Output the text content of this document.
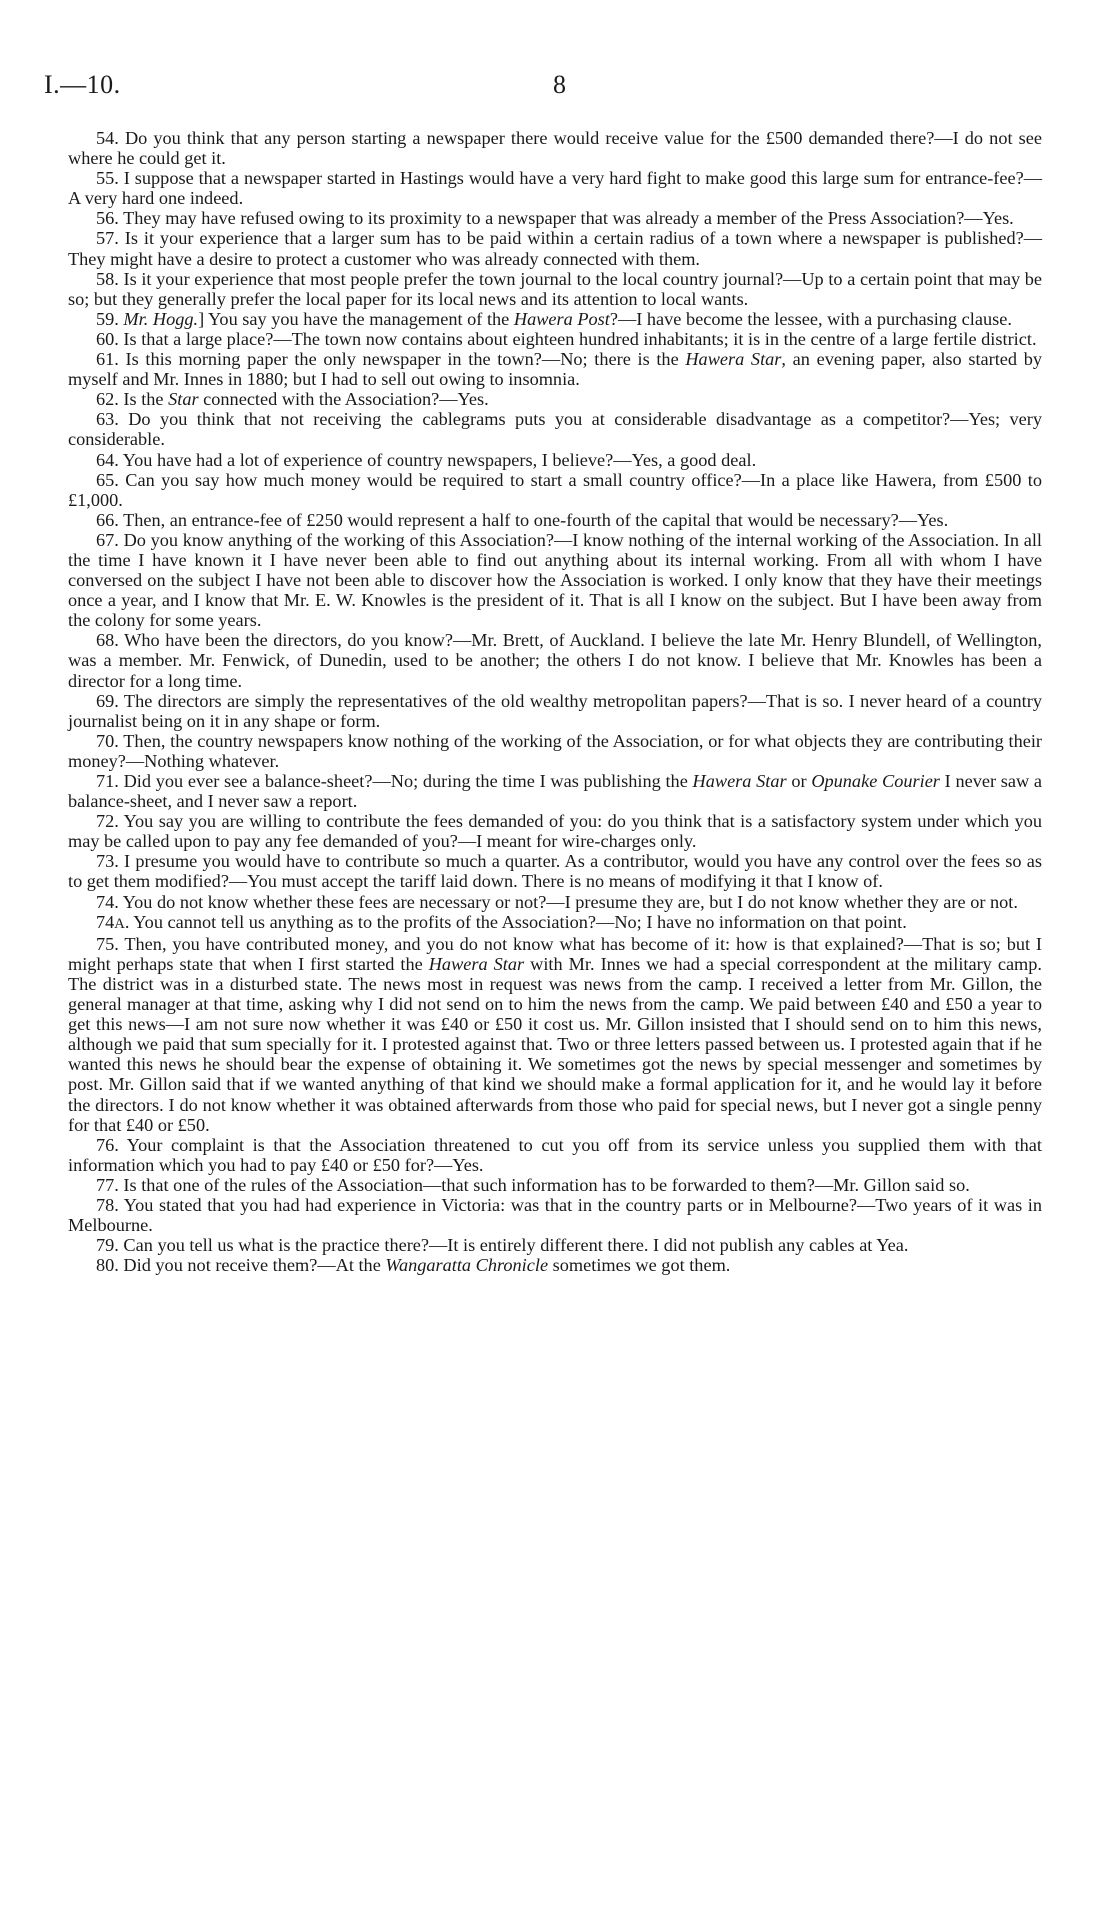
I.—10.	8

54. Do you think that any person starting a newspaper there would receive value for the £500 demanded there?—I do not see where he could get it.

55. I suppose that a newspaper started in Hastings would have a very hard fight to make good this large sum for entrance-fee?—A very hard one indeed.

56. They may have refused owing to its proximity to a newspaper that was already a member of the Press Association?—Yes.

57. Is it your experience that a larger sum has to be paid within a certain radius of a town where a newspaper is published?—They might have a desire to protect a customer who was already connected with them.

58. Is it your experience that most people prefer the town journal to the local country journal?—Up to a certain point that may be so; but they generally prefer the local paper for its local news and its attention to local wants.

59. Mr. Hogg.] You say you have the management of the Hawera Post?—I have become the lessee, with a purchasing clause.

60. Is that a large place?—The town now contains about eighteen hundred inhabitants; it is in the centre of a large fertile district.

61. Is this morning paper the only newspaper in the town?—No; there is the Hawera Star, an evening paper, also started by myself and Mr. Innes in 1880; but I had to sell out owing to insomnia.

62. Is the Star connected with the Association?—Yes.

63. Do you think that not receiving the cablegrams puts you at considerable disadvantage as a competitor?—Yes; very considerable.

64. You have had a lot of experience of country newspapers, I believe?—Yes, a good deal.

65. Can you say how much money would be required to start a small country office?—In a place like Hawera, from £500 to £1,000.

66. Then, an entrance-fee of £250 would represent a half to one-fourth of the capital that would be necessary?—Yes.

67. Do you know anything of the working of this Association?—I know nothing of the internal working of the Association. In all the time I have known it I have never been able to find out anything about its internal working. From all with whom I have conversed on the subject I have not been able to discover how the Association is worked. I only know that they have their meetings once a year, and I know that Mr. E. W. Knowles is the president of it. That is all I know on the subject. But I have been away from the colony for some years.

68. Who have been the directors, do you know?—Mr. Brett, of Auckland. I believe the late Mr. Henry Blundell, of Wellington, was a member. Mr. Fenwick, of Dunedin, used to be another; the others I do not know. I believe that Mr. Knowles has been a director for a long time.

69. The directors are simply the representatives of the old wealthy metropolitan papers?—That is so. I never heard of a country journalist being on it in any shape or form.

70. Then, the country newspapers know nothing of the working of the Association, or for what objects they are contributing their money?—Nothing whatever.

71. Did you ever see a balance-sheet?—No; during the time I was publishing the Hawera Star or Opunake Courier I never saw a balance-sheet, and I never saw a report.

72. You say you are willing to contribute the fees demanded of you: do you think that is a satisfactory system under which you may be called upon to pay any fee demanded of you?—I meant for wire-charges only.

73. I presume you would have to contribute so much a quarter. As a contributor, would you have any control over the fees so as to get them modified?—You must accept the tariff laid down. There is no means of modifying it that I know of.

74. You do not know whether these fees are necessary or not?—I presume they are, but I do not know whether they are or not.

74A. You cannot tell us anything as to the profits of the Association?—No; I have no information on that point.

75. Then, you have contributed money, and you do not know what has become of it: how is that explained?—That is so; but I might perhaps state that when I first started the Hawera Star with Mr. Innes we had a special correspondent at the military camp. The district was in a disturbed state. The news most in request was news from the camp. I received a letter from Mr. Gillon, the general manager at that time, asking why I did not send on to him the news from the camp. We paid between £40 and £50 a year to get this news—I am not sure now whether it was £40 or £50 it cost us. Mr. Gillon insisted that I should send on to him this news, although we paid that sum specially for it. I protested against that. Two or three letters passed between us. I protested again that if he wanted this news he should bear the expense of obtaining it. We sometimes got the news by special messenger and sometimes by post. Mr. Gillon said that if we wanted anything of that kind we should make a formal application for it, and he would lay it before the directors. I do not know whether it was obtained afterwards from those who paid for special news, but I never got a single penny for that £40 or £50.

76. Your complaint is that the Association threatened to cut you off from its service unless you supplied them with that information which you had to pay £40 or £50 for?—Yes.

77. Is that one of the rules of the Association—that such information has to be forwarded to them?—Mr. Gillon said so.

78. You stated that you had had experience in Victoria: was that in the country parts or in Melbourne?—Two years of it was in Melbourne.

79. Can you tell us what is the practice there?—It is entirely different there. I did not publish any cables at Yea.

80. Did you not receive them?—At the Wangaratta Chronicle sometimes we got them.
